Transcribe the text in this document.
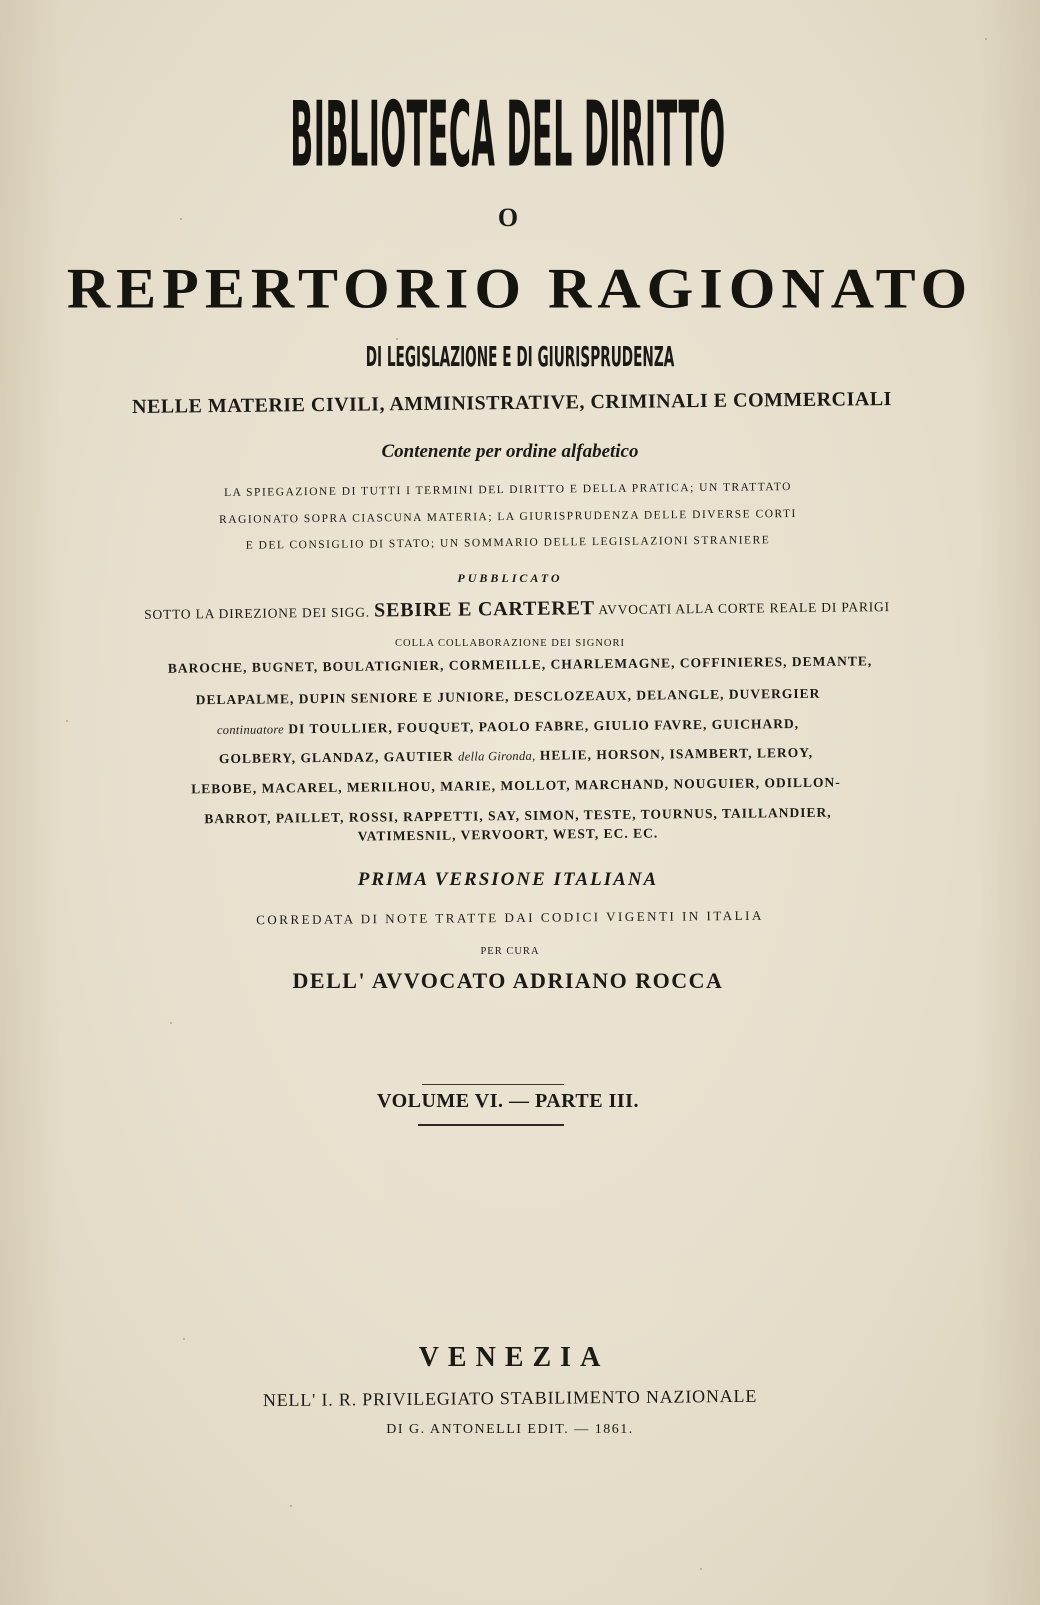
BIBLIOTECA DEL DIRITTO
O
REPERTORIO RAGIONATO
DI LEGISLAZIONE E DI GIURISPRUDENZA
NELLE MATERIE CIVILI, AMMINISTRATIVE, CRIMINALI E COMMERCIALI
Contenente per ordine alfabetico
LA SPIEGAZIONE DI TUTTI I TERMINI DEL DIRITTO E DELLA PRATICA; UN TRATTATO
RAGIONATO SOPRA CIASCUNA MATERIA; LA GIURISPRUDENZA DELLE DIVERSE CORTI
E DEL CONSIGLIO DI STATO; UN SOMMARIO DELLE LEGISLAZIONI STRANIERE
PUBBLICATO
SOTTO LA DIREZIONE DEI SIGG. SEBIRE E CARTERET AVVOCATI ALLA CORTE REALE DI PARIGI
COLLA COLLABORAZIONE DEI SIGNORI
BAROCHE, BUGNET, BOULATIGNIER, CORMEILLE, CHARLEMAGNE, COFFINIERES, DEMANTE,
DELAPALME, DUPIN SENIORE E JUNIORE, DESCLOZEAUX, DELANGLE, DUVERGIER
continuatore DI TOULLIER, FOUQUET, PAOLO FABRE, GIULIO FAVRE, GUICHARD,
GOLBERY, GLANDAZ, GAUTIER della Gironda, HELIE, HORSON, ISAMBERT, LEROY,
LEBOBE, MACAREL, MERILHOU, MARIE, MOLLOT, MARCHAND, NOUGUIER, ODILLON-
BARROT, PAILLET, ROSSI, RAPPETTI, SAY, SIMON, TESTE, TOURNUS, TAILLANDIER,
VATIMESNIL, VERVOORT, WEST, EC. EC.
PRIMA VERSIONE ITALIANA
CORREDATA DI NOTE TRATTE DAI CODICI VIGENTI IN ITALIA
PER CURA
DELL' AVVOCATO ADRIANO ROCCA
VOLUME VI. — PARTE III.
VENEZIA
NELL' I. R. PRIVILEGIATO STABILIMENTO NAZIONALE
DI G. ANTONELLI EDIT. — 1861.
